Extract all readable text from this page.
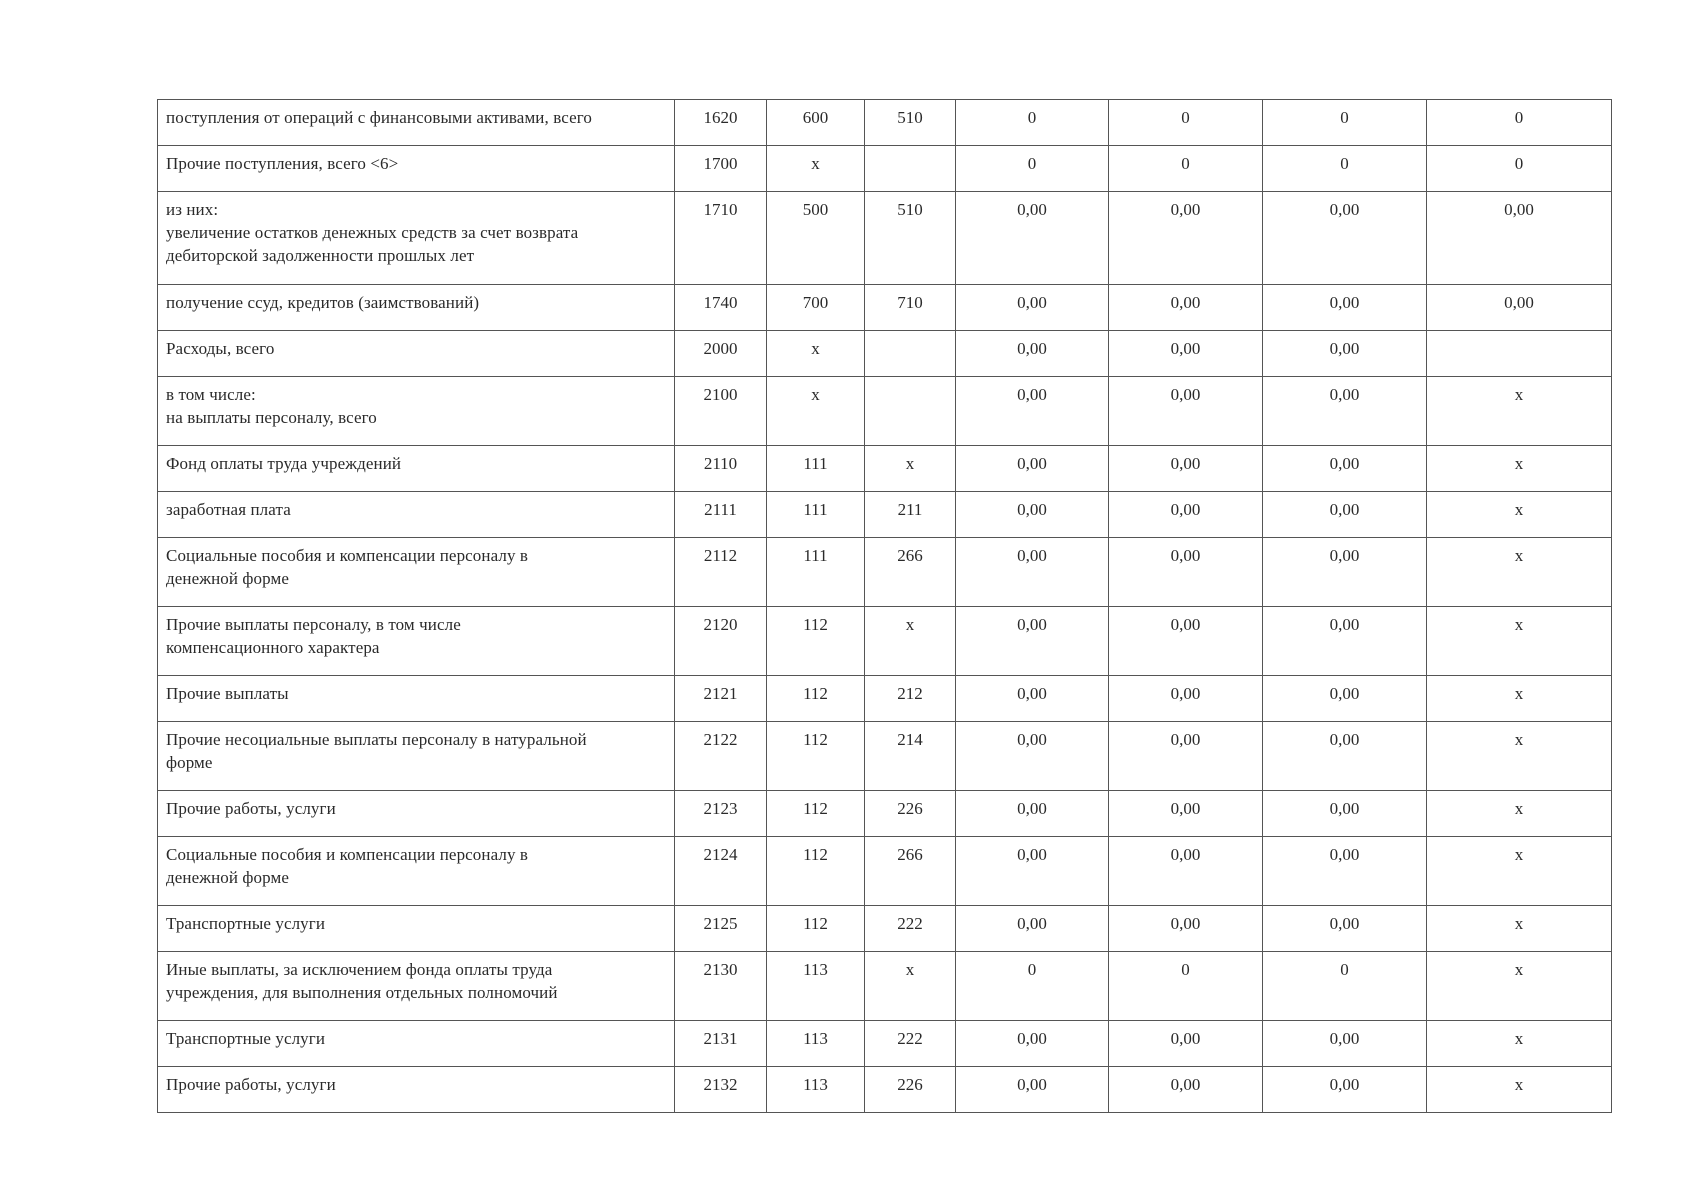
поступления от операций с финансовыми активами, всего	1620	600	510	0	0	0	0

Прочие поступления, всего <6>	1700	x		0	0	0	0

из них:
увеличение остатков денежных средств за счет возврата
дебиторской задолженности прошлых лет	1710	500	510	0,00	0,00	0,00	0,00

получение ссуд, кредитов (заимствований)	1740	700	710	0,00	0,00	0,00	0,00

Расходы, всего	2000	x		0,00	0,00	0,00	

в том числе:
на выплаты персоналу, всего	2100	x		0,00	0,00	0,00	x

Фонд оплаты труда учреждений	2110	111	x	0,00	0,00	0,00	x

заработная плата	2111	111	211	0,00	0,00	0,00	x

Социальные пособия и компенсации персоналу в
денежной форме	2112	111	266	0,00	0,00	0,00	x

Прочие выплаты персоналу, в том числе
компенсационного характера	2120	112	x	0,00	0,00	0,00	x

Прочие выплаты	2121	112	212	0,00	0,00	0,00	x

Прочие несоциальные выплаты персоналу в натуральной
форме	2122	112	214	0,00	0,00	0,00	x

Прочие работы, услуги	2123	112	226	0,00	0,00	0,00	x

Социальные пособия и компенсации персоналу в
денежной форме	2124	112	266	0,00	0,00	0,00	x

Транспортные услуги	2125	112	222	0,00	0,00	0,00	x

Иные выплаты, за исключением фонда оплаты труда
учреждения, для выполнения отдельных полномочий	2130	113	x	0	0	0	x

Транспортные услуги	2131	113	222	0,00	0,00	0,00	x

Прочие работы, услуги	2132	113	226	0,00	0,00	0,00	x
